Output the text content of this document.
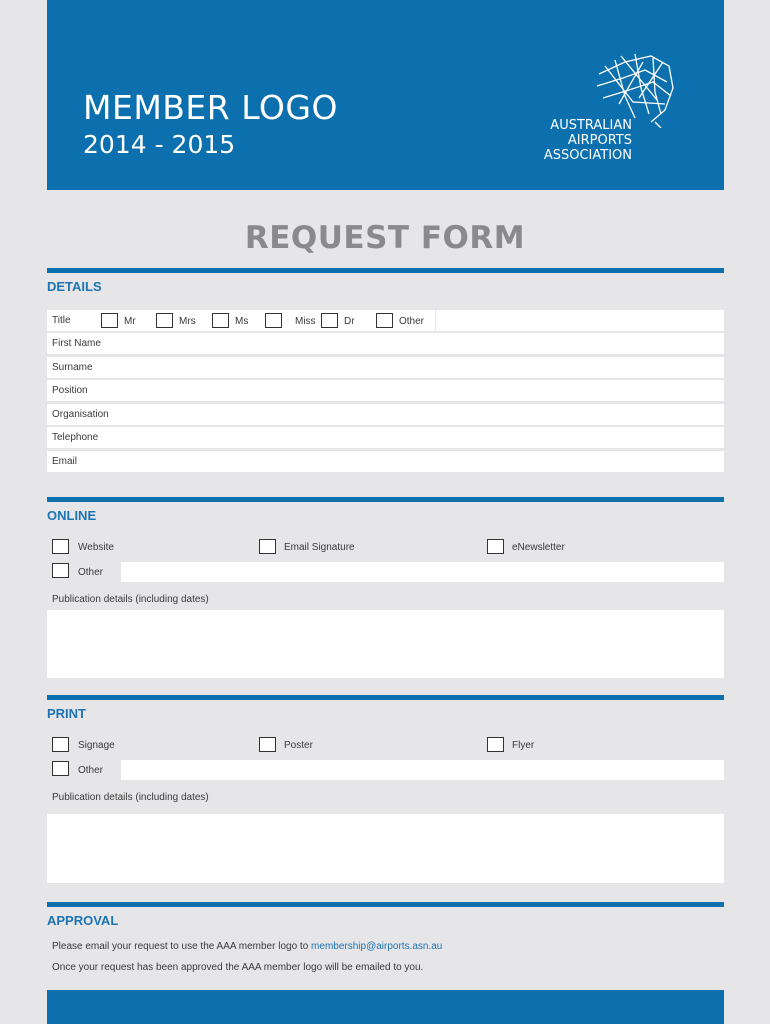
MEMBER LOGO
2014 - 2015
AUSTRALIAN
AIRPORTS
ASSOCIATION
REQUEST FORM
DETAILS
Title	Mr	Mrs	Ms	Miss	Dr	Other
First Name
Surname
Position
Organisation
Telephone
Email
ONLINE
Website	Email Signature	eNewsletter
Other
Publication details (including dates)
PRINT
Signage	Poster	Flyer
Other
Publication details (including dates)
APPROVAL
Please email your request to use the AAA member logo to membership@airports.asn.au
Once your request has been approved the AAA member logo will be emailed to you.
